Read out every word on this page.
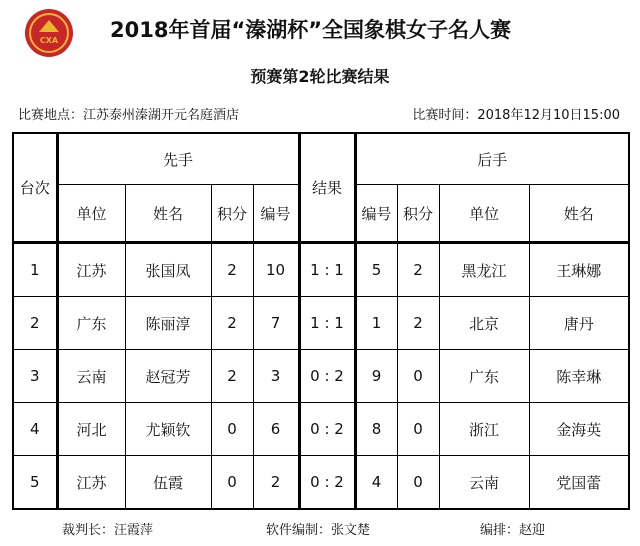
CXA	2018年首届“溱湖杯”全国象棋女子名人赛
预赛第2轮比赛结果
比赛地点：江苏泰州溱湖开元名庭酒店	比赛时间：2018年12月10日15:00
台次	先手				结果	后手			
	单位	姓名	积分	编号		编号	积分	单位	姓名
1	江苏	张国凤	2	10	1 : 1	5	2	黑龙江	王琳娜
2	广东	陈丽淳	2	7	1 : 1	1	2	北京	唐丹
3	云南	赵冠芳	2	3	0 : 2	9	0	广东	陈幸琳
4	河北	尤颖钦	0	6	0 : 2	8	0	浙江	金海英
5	江苏	伍霞	0	2	0 : 2	4	0	云南	党国蕾
裁判长：汪霞萍	软件编制：张文楚	编排：赵迎
